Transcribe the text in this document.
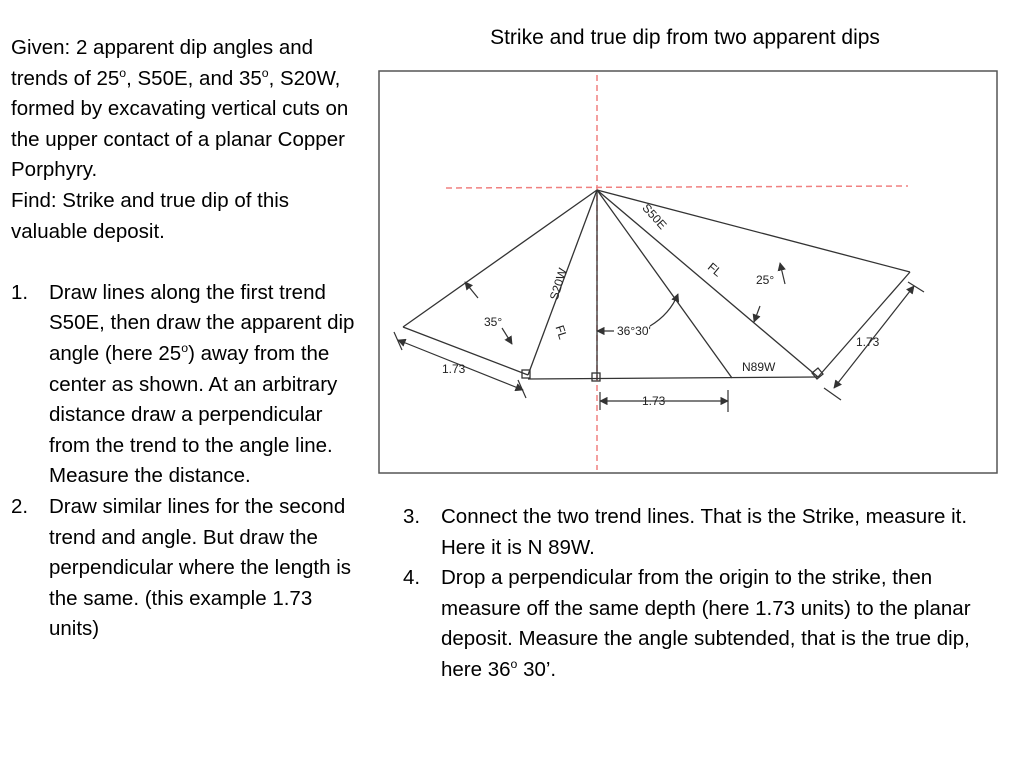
Strike and true dip from two apparent dips

Given: 2 apparent dip angles and trends of 25$^o$, S50E, and 35$^o$, S20W, formed by excavating vertical cuts on the upper contact of a planar Copper Porphyry.

Find: Strike and true dip of this valuable deposit.

1. Draw lines along the first trend S50E, then draw the apparent dip angle (here 25$^o$) away from the center as shown. At an arbitrary distance draw a perpendicular from the trend to the angle line. Measure the distance.
2. Draw similar lines for the second trend and angle. But draw the perpendicular where the length is the same. (this example 1.73 units)
S50E
S20W	FL
FL
25°
35°
36°30'
N89W
1.73
1.73
1.73
3. Connect the two trend lines. That is the Strike, measure it. Here it is N 89W.
4. Drop a perpendicular from the origin to the strike, then measure off the same depth (here 1.73 units) to the planar deposit. Measure the angle subtended, that is the true dip, here 36$^o$ 30’.
